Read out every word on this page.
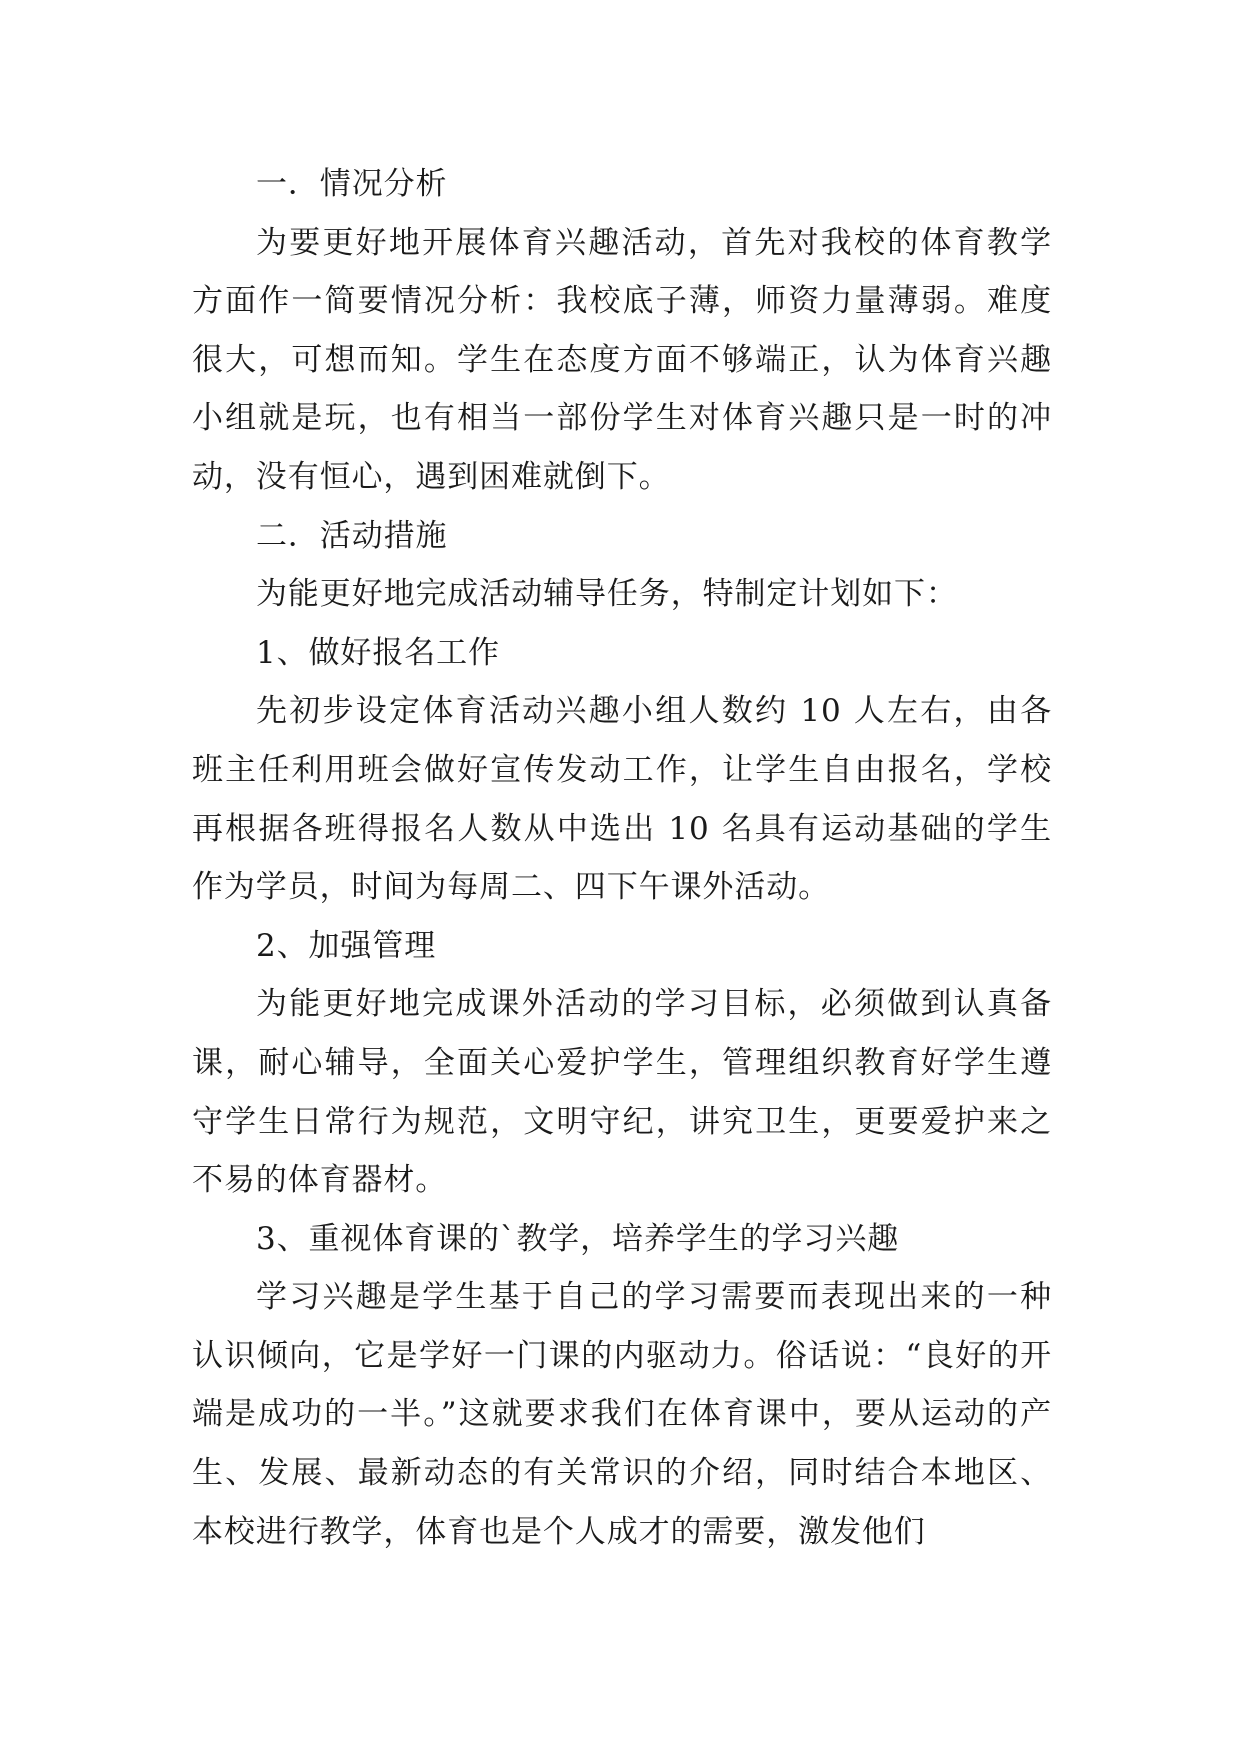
一．情况分析

为要更好地开展体育兴趣活动，首先对我校的体育教学方面作一简要情况分析：我校底子薄，师资力量薄弱。难度很大，可想而知。学生在态度方面不够端正，认为体育兴趣小组就是玩，也有相当一部份学生对体育兴趣只是一时的冲动，没有恒心，遇到困难就倒下。

二．活动措施

为能更好地完成活动辅导任务，特制定计划如下：

1、做好报名工作

先初步设定体育活动兴趣小组人数约 10 人左右，由各班主任利用班会做好宣传发动工作，让学生自由报名，学校再根据各班得报名人数从中选出 10 名具有运动基础的学生作为学员，时间为每周二、四下午课外活动。

2、加强管理

为能更好地完成课外活动的学习目标，必须做到认真备课，耐心辅导，全面关心爱护学生，管理组织教育好学生遵守学生日常行为规范，文明守纪，讲究卫生，更要爱护来之不易的体育器材。

3、重视体育课的`教学，培养学生的学习兴趣

学习兴趣是学生基于自己的学习需要而表现出来的一种认识倾向，它是学好一门课的内驱动力。俗话说：“良好的开端是成功的一半。”这就要求我们在体育课中，要从运动的产生、发展、最新动态的有关常识的介绍，同时结合本地区、本校进行教学，体育也是个人成才的需要，激发他们
